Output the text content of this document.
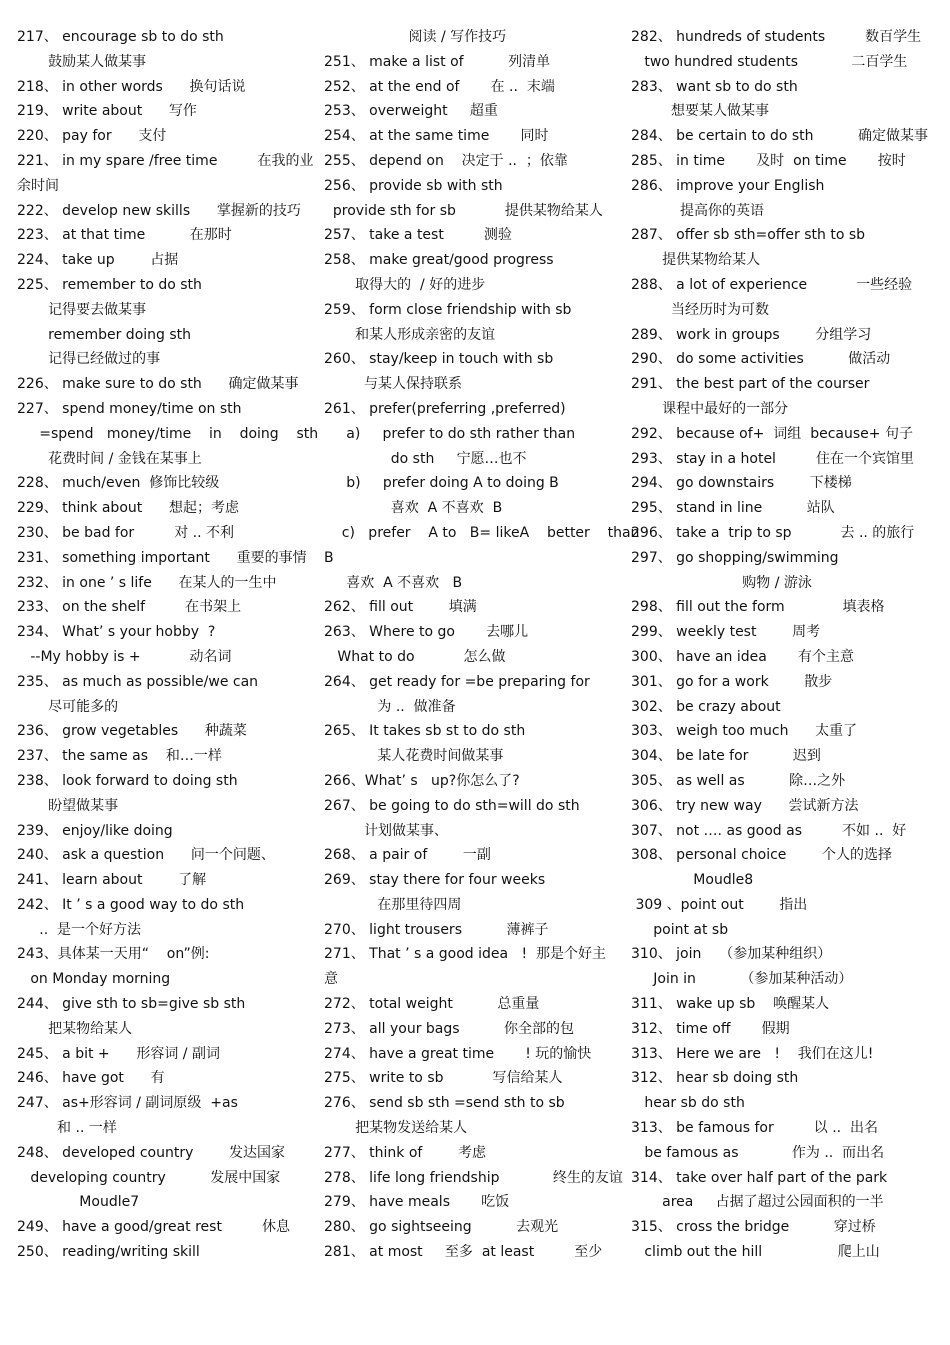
217、 encourage sb to do sth
鼓励某人做某事
218、 in other words      换句话说
219、 write about      写作
220、 pay for      支付
221、 in my spare /free time         在我的业
余时间
222、 develop new skills      掌握新的技巧
223、 at that time          在那时
224、 take up        占据
225、 remember to do sth
记得要去做某事
remember doing sth
记得已经做过的事
226、 make sure to do sth      确定做某事
227、 spend money/time on sth
=spend   money/time    in    doing    sth
花费时间 / 金钱在某事上
228、 much/even  修饰比较级
229、 think about      想起；考虑
230、 be bad for         对 .. 不利
231、 something important      重要的事情
232、 in one ’ s life      在某人的一生中
233、 on the shelf         在书架上
234、 What’ s your hobby  ?
--My hobby is +           动名词
235、 as much as possible/we can
尽可能多的
236、 grow vegetables      种蔬菜
237、 the same as    和…一样
238、 look forward to doing sth
盼望做某事
239、 enjoy/like doing
240、 ask a question      问一个问题、
241、 learn about        了解
242、 It ’ s a good way to do sth
..  是一个好方法
243、具体某一天用“    on”例:
on Monday morning
244、 give sth to sb=give sb sth
把某物给某人
245、 a bit +      形容词 / 副词
246、 have got      有
247、 as+形容词 / 副词原级  +as
和 .. 一样
248、 developed country        发达国家
developing country          发展中国家
Moudle7
249、 have a good/great rest         休息
250、 reading/writing skill
阅读 / 写作技巧
251、 make a list of          列清单
252、 at the end of       在 ..  末端
253、 overweight     超重
254、 at the same time       同时
255、 depend on    决定于 ..  ；依靠
256、 provide sb with sth
provide sth for sb           提供某物给某人
257、 take a test         测验
258、 make great/good progress
取得大的  / 好的进步
259、 form close friendship with sb
和某人形成亲密的友谊
260、 stay/keep in touch with sb
与某人保持联系
261、 prefer(preferring ,preferred)
a)     prefer to do sth rather than
do sth     宁愿…也不
b)     prefer doing A to doing B
喜欢  A 不喜欢  B
c)   prefer    A to   B= likeA    better    than
B
喜欢  A 不喜欢   B
262、 fill out        填满
263、 Where to go       去哪儿
What to do           怎么做
264、 get ready for =be preparing for
为 ..  做准备
265、 It takes sb st to do sth
某人花费时间做某事
266、What’ s   up?你怎么了?
267、 be going to do sth=will do sth
计划做某事、
268、 a pair of        一副
269、 stay there for four weeks
在那里待四周
270、 light trousers          薄裤子
271、 That ’ s a good idea   !  那是个好主
意
272、 total weight          总重量
273、 all your bags          你全部的包
274、 have a great time       ! 玩的愉快
275、 write to sb           写信给某人
276、 send sb sth =send sth to sb
把某物发送给某人
277、 think of        考虑
278、 life long friendship            终生的友谊
279、 have meals       吃饭
280、 go sightseeing          去观光
281、 at most     至多  at least         至少
282、 hundreds of students         数百学生
two hundred students            二百学生
283、 want sb to do sth
想要某人做某事
284、 be certain to do sth          确定做某事
285、 in time       及时  on time       按时
286、 improve your English
提高你的英语
287、 offer sb sth=offer sth to sb
提供某物给某人
288、 a lot of experience           一些经验
当经历时为可数
289、 work in groups        分组学习
290、 do some activities          做活动
291、 the best part of the courser
课程中最好的一部分
292、 because of+  词组  because+ 句子
293、 stay in a hotel         住在一个宾馆里
294、 go downstairs        下楼梯
295、 stand in line          站队
296、 take a  trip to sp           去 .. 的旅行
297、 go shopping/swimming
购物 / 游泳
298、 fill out the form             填表格
299、 weekly test        周考
300、 have an idea       有个主意
301、 go for a work        散步
302、 be crazy about
303、 weigh too much      太重了
304、 be late for          迟到
305、 as well as          除…之外
306、 try new way      尝试新方法
307、 not …. as good as         不如 ..  好
308、 personal choice        个人的选择
Moudle8
309 、point out        指出
point at sb
310、 join    （参加某种组织）
Join in          （参加某种活动）
311、 wake up sb    唤醒某人
312、 time off       假期
313、 Here we are   !    我们在这儿!
312、 hear sb doing sth
hear sb do sth
313、 be famous for         以 ..  出名
be famous as            作为 ..  而出名
314、 take over half part of the park
area     占据了超过公园面积的一半
315、 cross the bridge          穿过桥
climb out the hill                 爬上山
